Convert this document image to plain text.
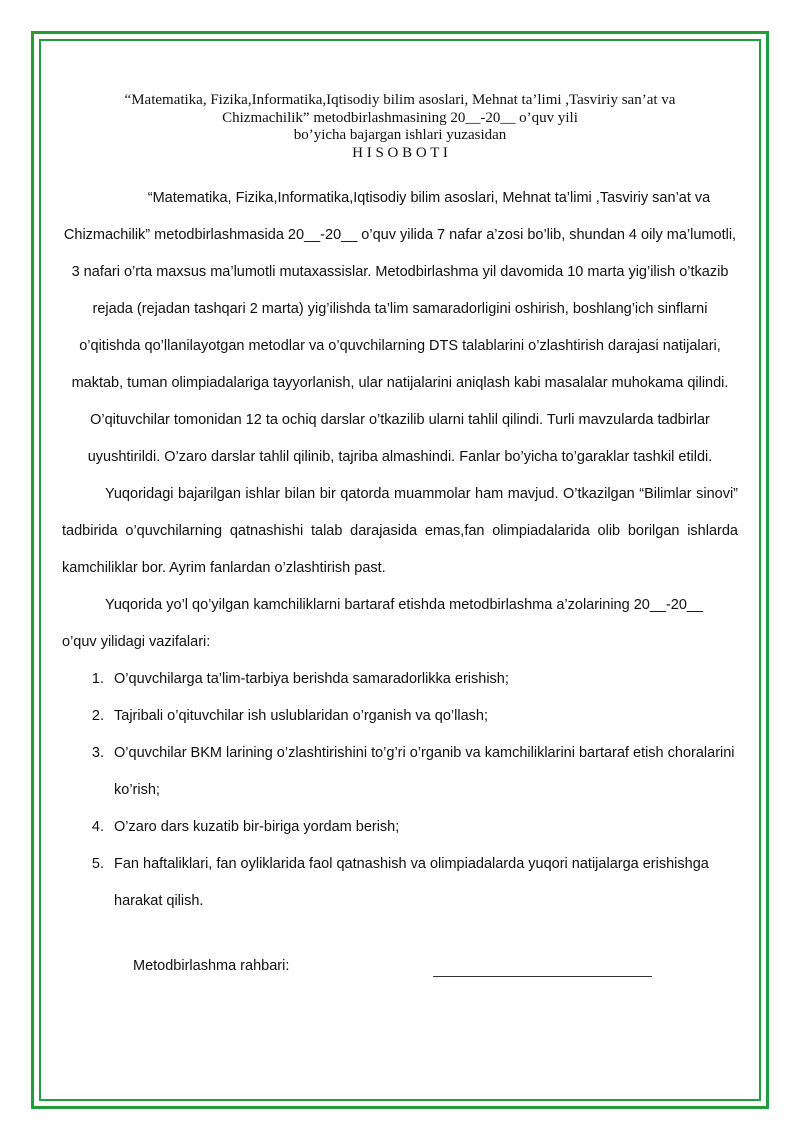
“Matematika, Fizika,Informatika,Iqtisodiy bilim asoslari, Mehnat ta’limi ,Tasviriy san’at va
Chizmachilik” metodbirlashmasining 20__-20__ o’quv yili
bo’yicha bajargan ishlari yuzasidan
H I S O B O T I

“Matematika, Fizika,Informatika,Iqtisodiy bilim asoslari, Mehnat ta’limi ,Tasviriy san’at va Chizmachilik” metodbirlashmasida 20__-20__ o’quv yilida 7 nafar a’zosi bo’lib, shundan 4 oily ma’lumotli, 3 nafari o’rta maxsus ma’lumotli mutaxassislar. Metodbirlashma yil davomida 10 marta yig’ilish o’tkazib rejada (rejadan tashqari 2 marta) yig’ilishda ta’lim samaradorligini oshirish, boshlang’ich sinflarni o’qitishda qo’llanilayotgan metodlar va o’quvchilarning DTS talablarini o’zlashtirish darajasi natijalari, maktab, tuman olimpiadalariga tayyorlanish, ular natijalarini aniqlash kabi masalalar muhokama qilindi. O’qituvchilar tomonidan 12 ta ochiq darslar o’tkazilib ularni tahlil qilindi. Turli mavzularda tadbirlar uyushtirildi. O’zaro darslar tahlil qilinib, tajriba almashindi. Fanlar bo’yicha to’garaklar tashkil etildi.

Yuqoridagi bajarilgan ishlar bilan bir qatorda muammolar ham mavjud. O’tkazilgan “Bilimlar sinovi” tadbirida o’quvchilarning qatnashishi talab darajasida emas,fan olimpiadalarida olib borilgan ishlarda kamchiliklar bor. Ayrim fanlardan o’zlashtirish past.

Yuqorida yo’l qo’yilgan kamchiliklarni bartaraf etishda metodbirlashma a’zolarining 20__-20__ o’quv yilidagi vazifalari:

1. O’quvchilarga ta’lim-tarbiya berishda samaradorlikka erishish;
2. Tajribali o’qituvchilar ish uslublaridan o’rganish va qo’llash;
3. O’quvchilar BKM larining o’zlashtirishini to’g’ri o’rganib va kamchiliklarini bartaraf etish choralarini ko’rish;
4. O’zaro dars kuzatib bir-biriga yordam berish;
5. Fan haftaliklari, fan oyliklarida faol qatnashish va olimpiadalarda yuqori natijalarga erishishga harakat qilish.
Metodbirlashma rahbari:
